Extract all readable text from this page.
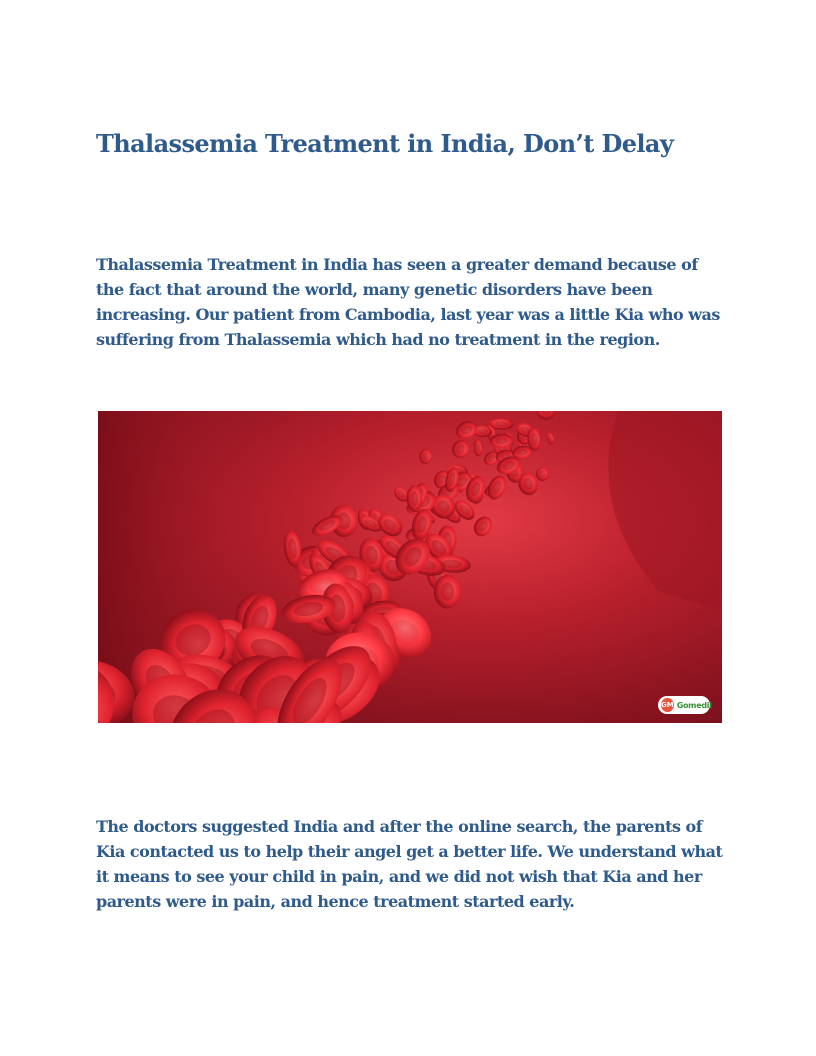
Thalassemia Treatment in India, Don’t Delay

Thalassemia Treatment in India has seen a greater demand because of
the fact that around the world, many genetic disorders have been
increasing. Our patient from Cambodia, last year was a little Kia who was
suffering from Thalassemia which had no treatment in the region.

GM Gomedii

The doctors suggested India and after the online search, the parents of
Kia contacted us to help their angel get a better life. We understand what
it means to see your child in pain, and we did not wish that Kia and her
parents were in pain, and hence treatment started early.
